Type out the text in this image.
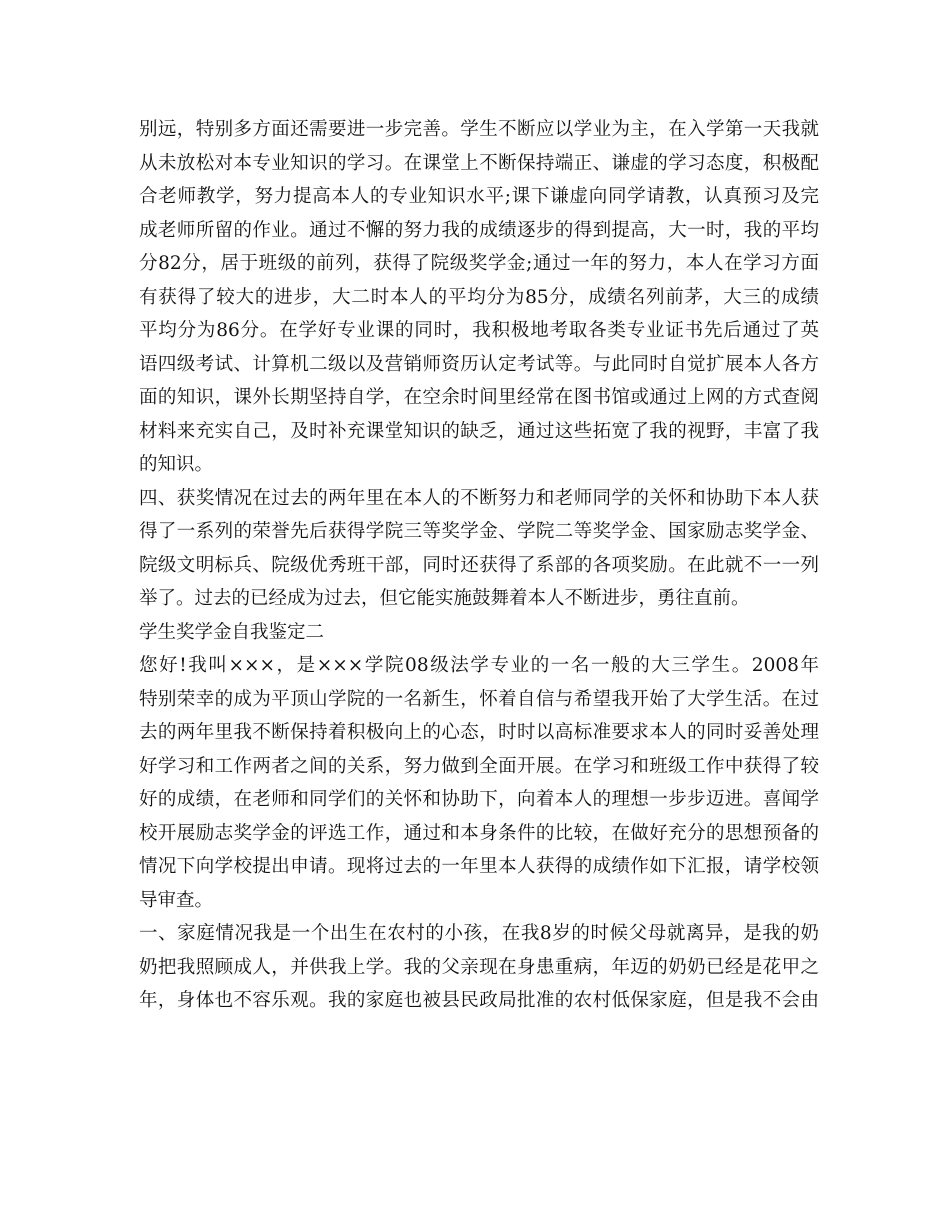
别远，特别多方面还需要进一步完善。学生不断应以学业为主，在入学第一天我就
从未放松对本专业知识的学习。在课堂上不断保持端正、谦虚的学习态度，积极配
合老师教学，努力提高本人的专业知识水平;课下谦虚向同学请教，认真预习及完
成老师所留的作业。通过不懈的努力我的成绩逐步的得到提高，大一时，我的平均
分82分，居于班级的前列，获得了院级奖学金;通过一年的努力，本人在学习方面
有获得了较大的进步，大二时本人的平均分为85分，成绩名列前茅，大三的成绩
平均分为86分。在学好专业课的同时，我积极地考取各类专业证书先后通过了英
语四级考试、计算机二级以及营销师资历认定考试等。与此同时自觉扩展本人各方
面的知识，课外长期坚持自学，在空余时间里经常在图书馆或通过上网的方式查阅
材料来充实自己，及时补充课堂知识的缺乏，通过这些拓宽了我的视野，丰富了我
的知识。
四、获奖情况在过去的两年里在本人的不断努力和老师同学的关怀和协助下本人获
得了一系列的荣誉先后获得学院三等奖学金、学院二等奖学金、国家励志奖学金、
院级文明标兵、院级优秀班干部，同时还获得了系部的各项奖励。在此就不一一列
举了。过去的已经成为过去，但它能实施鼓舞着本人不断进步，勇往直前。
学生奖学金自我鉴定二
您好!我叫×××，是×××学院08级法学专业的一名一般的大三学生。2008年
特别荣幸的成为平顶山学院的一名新生，怀着自信与希望我开始了大学生活。在过
去的两年里我不断保持着积极向上的心态，时时以高标准要求本人的同时妥善处理
好学习和工作两者之间的关系，努力做到全面开展。在学习和班级工作中获得了较
好的成绩，在老师和同学们的关怀和协助下，向着本人的理想一步步迈进。喜闻学
校开展励志奖学金的评选工作，通过和本身条件的比较，在做好充分的思想预备的
情况下向学校提出申请。现将过去的一年里本人获得的成绩作如下汇报，请学校领
导审查。
一、家庭情况我是一个出生在农村的小孩，在我8岁的时候父母就离异，是我的奶
奶把我照顾成人，并供我上学。我的父亲现在身患重病，年迈的奶奶已经是花甲之
年，身体也不容乐观。我的家庭也被县民政局批准的农村低保家庭，但是我不会由
